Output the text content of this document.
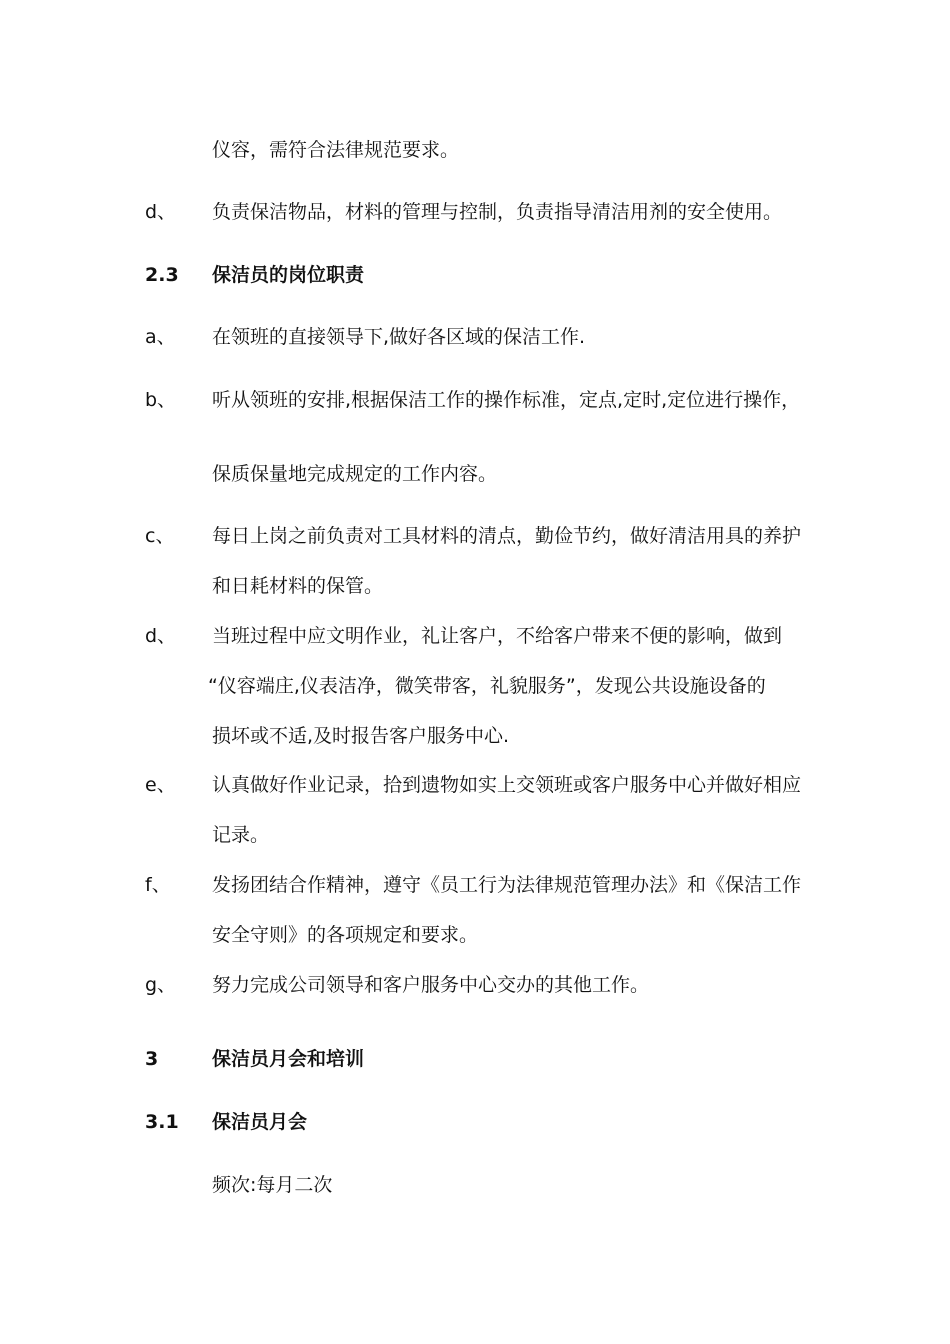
仪容，需符合法律规范要求。
d、 负责保洁物品，材料的管理与控制，负责指导清洁用剂的安全使用。
2.3 保洁员的岗位职责
a、 在领班的直接领导下,做好各区域的保洁工作.
b、 听从领班的安排,根据保洁工作的操作标准，定点,定时,定位进行操作，
保质保量地完成规定的工作内容。
c、 每日上岗之前负责对工具材料的清点，勤俭节约，做好清洁用具的养护
和日耗材料的保管。
d、 当班过程中应文明作业，礼让客户，不给客户带来不便的影响，做到
“仪容端庄,仪表洁净，微笑带客，礼貌服务”，发现公共设施设备的
损坏或不适,及时报告客户服务中心.
e、 认真做好作业记录，拾到遗物如实上交领班或客户服务中心并做好相应
记录。
f、 发扬团结合作精神，遵守《员工行为法律规范管理办法》和《保洁工作
安全守则》的各项规定和要求。
g、 努力完成公司领导和客户服务中心交办的其他工作。
3	保洁员月会和培训
3.1 保洁员月会
频次:每月二次
